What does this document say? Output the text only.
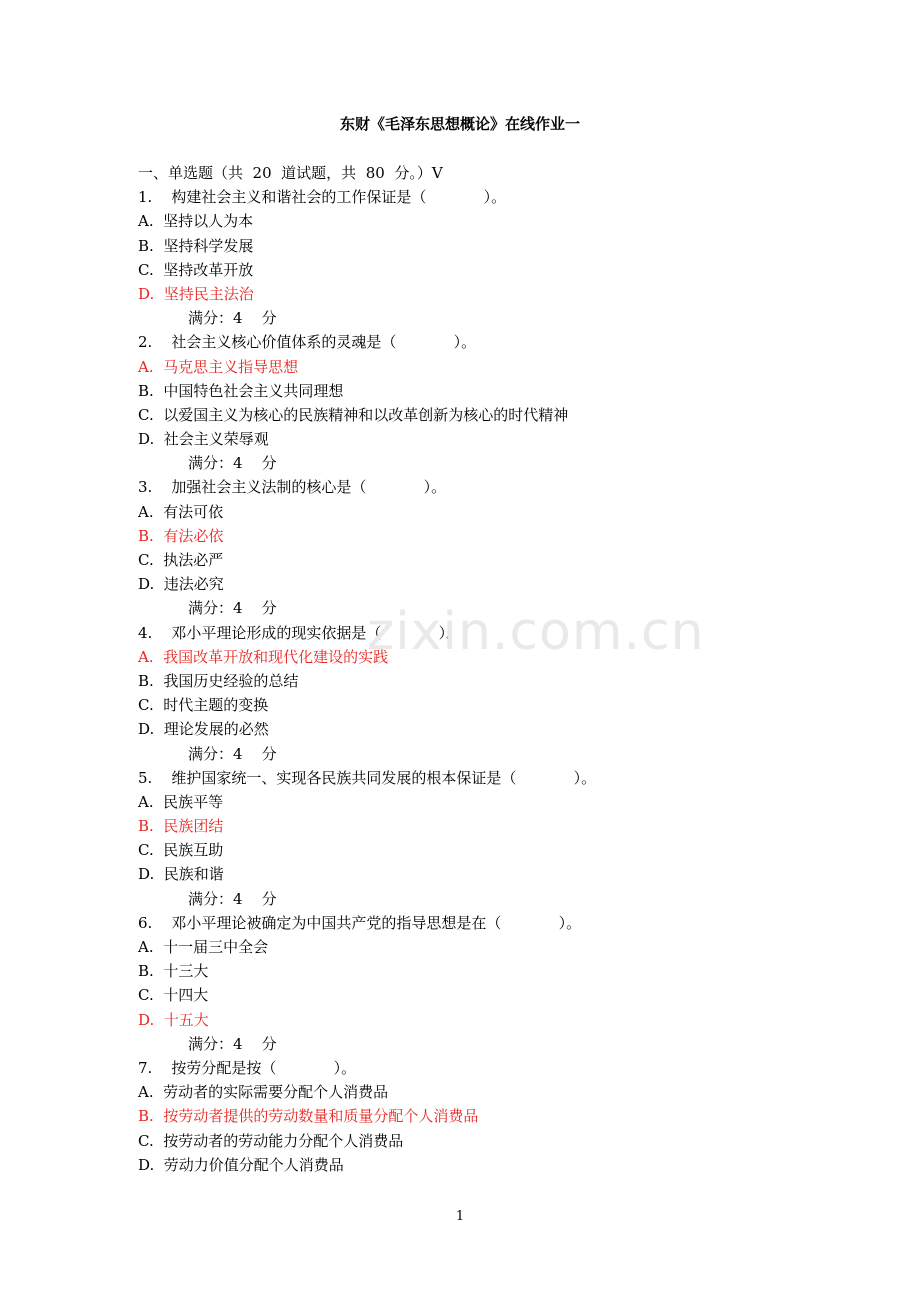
东财《毛泽东思想概论》在线作业一
一、单选题（共  20  道试题，共  80  分。）V
1.    构建社会主义和谐社会的工作保证是（            ）。
A.  坚持以人为本
B.  坚持科学发展
C.  坚持改革开放
D.  坚持民主法治
满分：4    分
2.    社会主义核心价值体系的灵魂是（            ）。
A.  马克思主义指导思想
B.  中国特色社会主义共同理想
C.  以爱国主义为核心的民族精神和以改革创新为核心的时代精神
D.  社会主义荣辱观
满分：4    分
3.    加强社会主义法制的核心是（            ）。
A.  有法可依
B.  有法必依
C.  执法必严
D.  违法必究
满分：4    分
4.    邓小平理论形成的现实依据是（            ）。
A.  我国改革开放和现代化建设的实践
B.  我国历史经验的总结
C.  时代主题的变换
D.  理论发展的必然
满分：4    分
5.    维护国家统一、实现各民族共同发展的根本保证是（            ）。
A.  民族平等
B.  民族团结
C.  民族互助
D.  民族和谐
满分：4    分
6.    邓小平理论被确定为中国共产党的指导思想是在（            ）。
A.  十一届三中全会
B.  十三大
C.  十四大
D.  十五大
满分：4    分
7.    按劳分配是按（            ）。
A.  劳动者的实际需要分配个人消费品
B.  按劳动者提供的劳动数量和质量分配个人消费品
C.  按劳动者的劳动能力分配个人消费品
D.  劳动力价值分配个人消费品
zixin.com.cn
1
